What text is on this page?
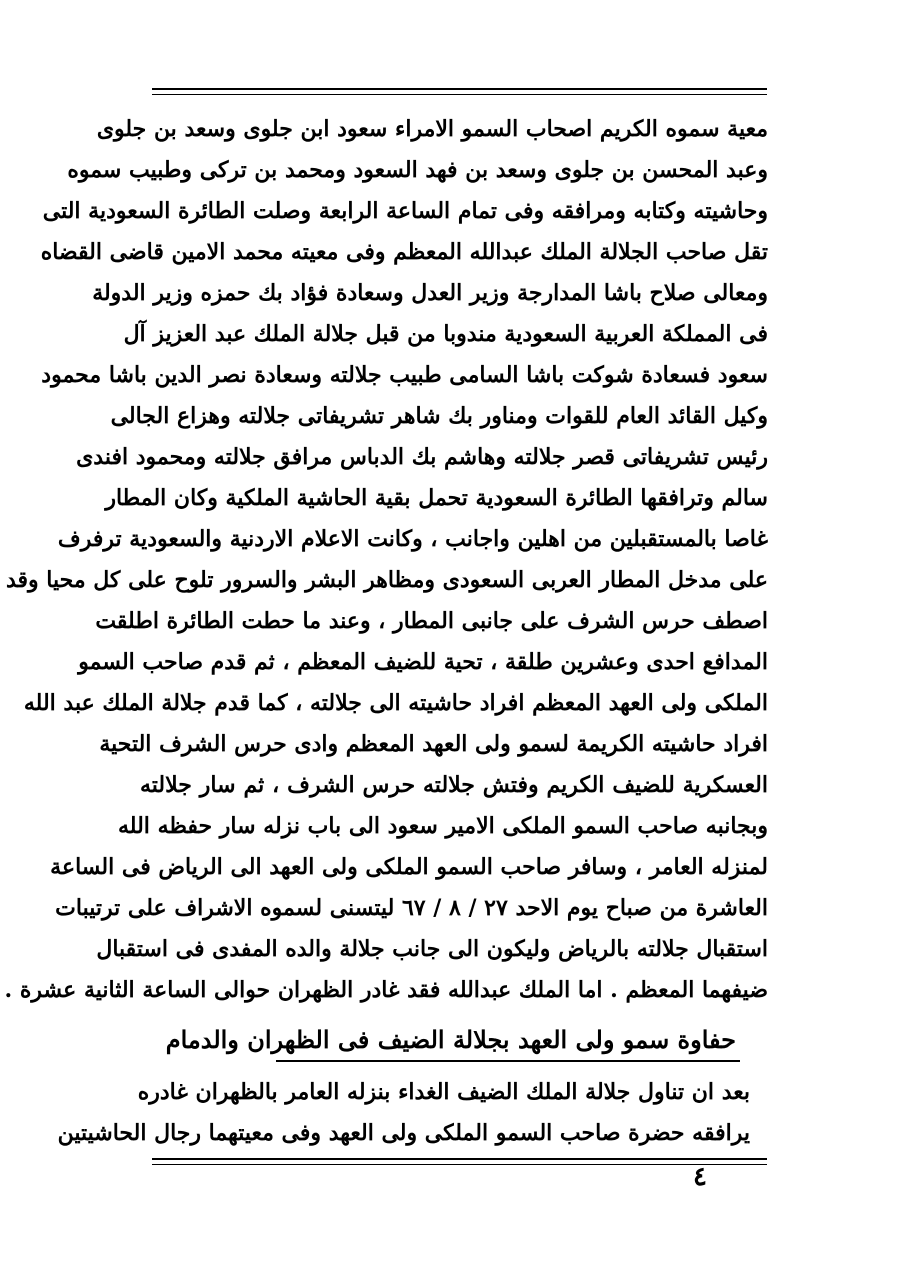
معية سموه الكريم اصحاب السمو الامراء سعود ابن جلوى وسعد بن جلوى
وعبد المحسن بن جلوى وسعد بن فهد السعود ومحمد بن تركى وطبيب سموه
وحاشيته وكتابه ومرافقه وفى تمام الساعة الرابعة وصلت الطائرة السعودية التى
تقل صاحب الجلالة الملك عبدالله المعظم وفى معيته محمد الامين قاضى القضاه
ومعالى صلاح باشا المدارجة وزير العدل وسعادة فؤاد بك حمزه وزير الدولة
فى المملكة العربية السعودية مندوبا من قبل جلالة الملك عبد العزيز آل
سعود فسعادة شوكت باشا السامى طبيب جلالته وسعادة نصر الدين باشا محمود
وكيل القائد العام للقوات ومناور بك شاهر تشريفاتى جلالته وهزاع الجالى
رئيس تشريفاتى قصر جلالته وهاشم بك الدباس مرافق جلالته ومحمود افندى
سالم وترافقها الطائرة السعودية تحمل بقية الحاشية الملكية وكان المطار
غاصا بالمستقبلين من اهلين واجانب ، وكانت الاعلام الاردنية والسعودية ترفرف
على مدخل المطار العربى السعودى ومظاهر البشر والسرور تلوح على كل محيا وقد
اصطف حرس الشرف على جانبى المطار ، وعند ما حطت الطائرة اطلقت
المدافع احدى وعشرين طلقة ، تحية للضيف المعظم ، ثم قدم صاحب السمو
الملكى ولى العهد المعظم افراد حاشيته الى جلالته ، كما قدم جلالة الملك عبد الله
افراد حاشيته الكريمة لسمو ولى العهد المعظم وادى حرس الشرف التحية
العسكرية للضيف الكريم وفتش جلالته حرس الشرف ، ثم سار جلالته
وبجانبه صاحب السمو الملكى الامير سعود الى باب نزله سار حفظه الله
لمنزله العامر ، وسافر صاحب السمو الملكى ولى العهد الى الرياض فى الساعة
العاشرة من صباح يوم الاحد ٢٧ / ٨ / ٦٧ ليتسنى لسموه الاشراف على ترتيبات
استقبال جلالته بالرياض وليكون الى جانب جلالة والده المفدى فى استقبال
ضيفهما المعظم . اما الملك عبدالله فقد غادر الظهران حوالى الساعة الثانية عشرة .
حفاوة سمو ولى العهد بجلالة الضيف فى الظهران والدمام
بعد ان تناول جلالة الملك الضيف الغداء بنزله العامر بالظهران غادره
يرافقه حضرة صاحب السمو الملكى ولى العهد وفى معيتهما رجال الحاشيتين
٤
